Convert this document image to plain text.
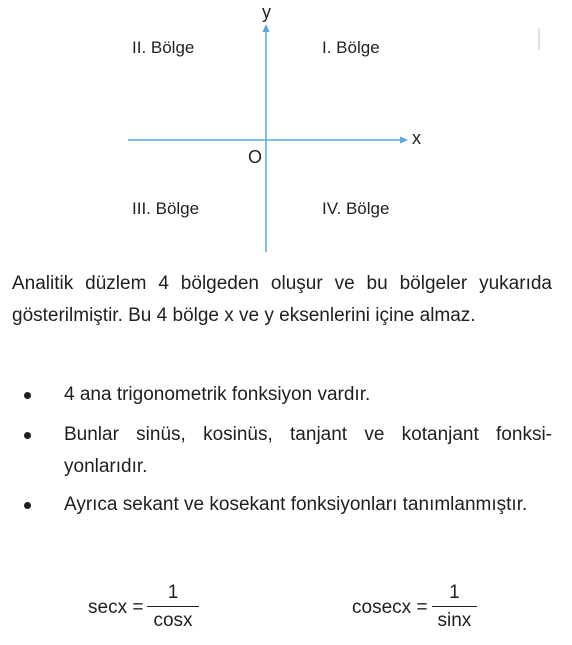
y
x
O
I. Bölge
II. Bölge
III. Bölge	IV. Bölge
Analitik düzlem 4 bölgeden oluşur ve bu bölgeler yukarıda gösterilmiştir. Bu 4 bölge x ve y eksenlerini içine almaz.
4 ana trigonometrik fonksiyon vardır.
Bunlar sinüs, kosinüs, tanjant ve kotanjant fonksiyonlarıdır.
Ayrıca sekant ve kosekant fonksiyonları tanımlanmıştır.
$\sec x = \frac{1}{\cos x}$	$cosecx = \frac{1}{\sin x}$
